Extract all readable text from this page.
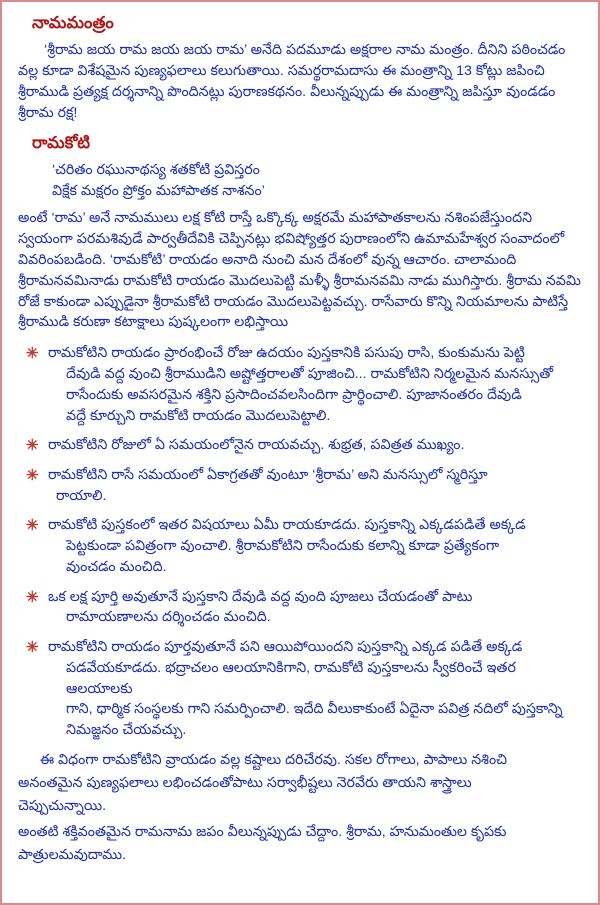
నామమంత్రం

‘శ్రీరామ జయ రామ జయ జయ రామ’ అనేది పదమూడు అక్షరాల నామ మంత్రం. దీనిని పఠించడం వల్ల కూడా విశేషమైన పుణ్యఫలాలు కలుగుతాయి. సమర్థరామదాసు ఈ మంత్రాన్ని 13 కోట్లు జపించి శ్రీరాముడి ప్రత్యక్ష దర్శనాన్ని పొందినట్లు పురాణకథనం. వీలున్నప్పుడు ఈ మంత్రాన్ని జపిస్తూ వుండడం శ్రీరామ రక్ష!

రామకోటి
‘చరితం రఘునాథస్య శతకోటి ప్రవిస్తరం
విక్షేక మక్షరం ప్రోక్తం మహాపాతక నాశనం’

అంటే ‘రామ’ అనే నామములు లక్ష కోటి రాస్తే ఒక్కొక్క అక్షరమే మహాపాతకాలను నశింపజేస్తుందని స్వయంగా పరమశివుడే పార్వతీదేవికి చెప్పినట్లు భవిష్యోత్తర పురాణంలోని ఉమామహేశ్వర సంవాదంలో వివరింపబడింది. ‘రామకోటి’ రాయడం అనాది నుంచి మన దేశంలో వున్న ఆచారం. చాలామంది శ్రీరామనవమినాడు రామకోటి రాయడం మొదలుపెట్టి మళ్ళీ శ్రీరామనవమి నాడు ముగిస్తారు. శ్రీరామ నవమి రోజే కాకుండా ఎప్పుడైనా శ్రీరామకోటి రాయడం మొదలుపెట్టవచ్చు. రాసేవారు కొన్ని నియమాలను పాటిస్తే శ్రీరాముడి కరుణా కటాక్షాలు పుష్కలంగా లభిస్తాయి

✳ రామకోటిని రాయడం ప్రారంభించే రోజు ఉదయం పుస్తకానికి పసుపు రాసి, కుంకుమను పెట్టి
దేవుడి వద్ద వుంచి శ్రీరాముడిని అష్టోత్తరాలతో పూజించి... రామకోటిని నిర్మలమైన మనస్సుతో
రాసేందుకు అవసరమైన శక్తిని ప్రసాదించవలసిందిగా ప్రార్థించాలి. పూజానంతరం దేవుడి
వద్దే కూర్చుని రామకోటి రాయడం మొదలుపెట్టాలి.
✳ రామకోటిని రోజులో ఏ సమయంలోనైన రాయవచ్చు. శుభ్రత, పవిత్రత ముఖ్యం.
✳ రామకోటిని రాసే సమయంలో ఏకాగ్రతతో వుంటూ ‘శ్రీరామ’ అని మనస్సులో స్మరిస్తూ
రాయాలి.
✳ రామకోటి పుస్తకంలో ఇతర విషయాలు ఏమీ రాయకూడదు. పుస్తకాన్ని ఎక్కడపడితే అక్కడ
పెట్టకుండా పవిత్రంగా వుంచాలి. శ్రీరామకోటిని రాసేందుకు కలాన్ని కూడా ప్రత్యేకంగా
వుంచడం మంచిది.
✳ ఒక లక్ష పూర్తి అవుతూనే పుస్తకాని దేవుడి వద్ద వుంది పూజలు చేయడంతో పాటు
రామాయణాలను దర్శించడం మంచిది.
✳ రామకోటిని రాయడం పూర్తవుతూనే పని ఆయిపోయిందని పుస్తకాన్ని ఎక్కడ పడితే అక్కడ
పడవేయకూడదు. భద్రాచలం ఆలయానికిగాని, రామకోటి పుస్తకాలను స్వీకరించే ఇతర ఆలయాలకు
గాని, ధార్మిక సంస్థలకు గాని సమర్పించాలి. ఇదేది వీలుకాకుంటే ఏదైనా పవిత్ర నదిలో పుస్తకాన్ని
నిమజ్జనం చేయవచ్చు.

ఈ విధంగా రామకోటిని వ్రాయడం వల్ల కష్టాలు దరిచేరవు. సకల రోగాలు, పాపాలు నశించి

అనంతమైన పుణ్యఫలాలు లభించడంతోపాటు సర్వాభీష్టలు నెరవేరు తాయని శాస్త్రాలు

చెప్పుచున్నాయి.

అంతటి శక్తివంతమైన రామనామ జపం వీలున్నప్పుడు చేద్దాం. శ్రీరామ, హనుమంతుల కృపకు

పాత్రులమవుదాము.
